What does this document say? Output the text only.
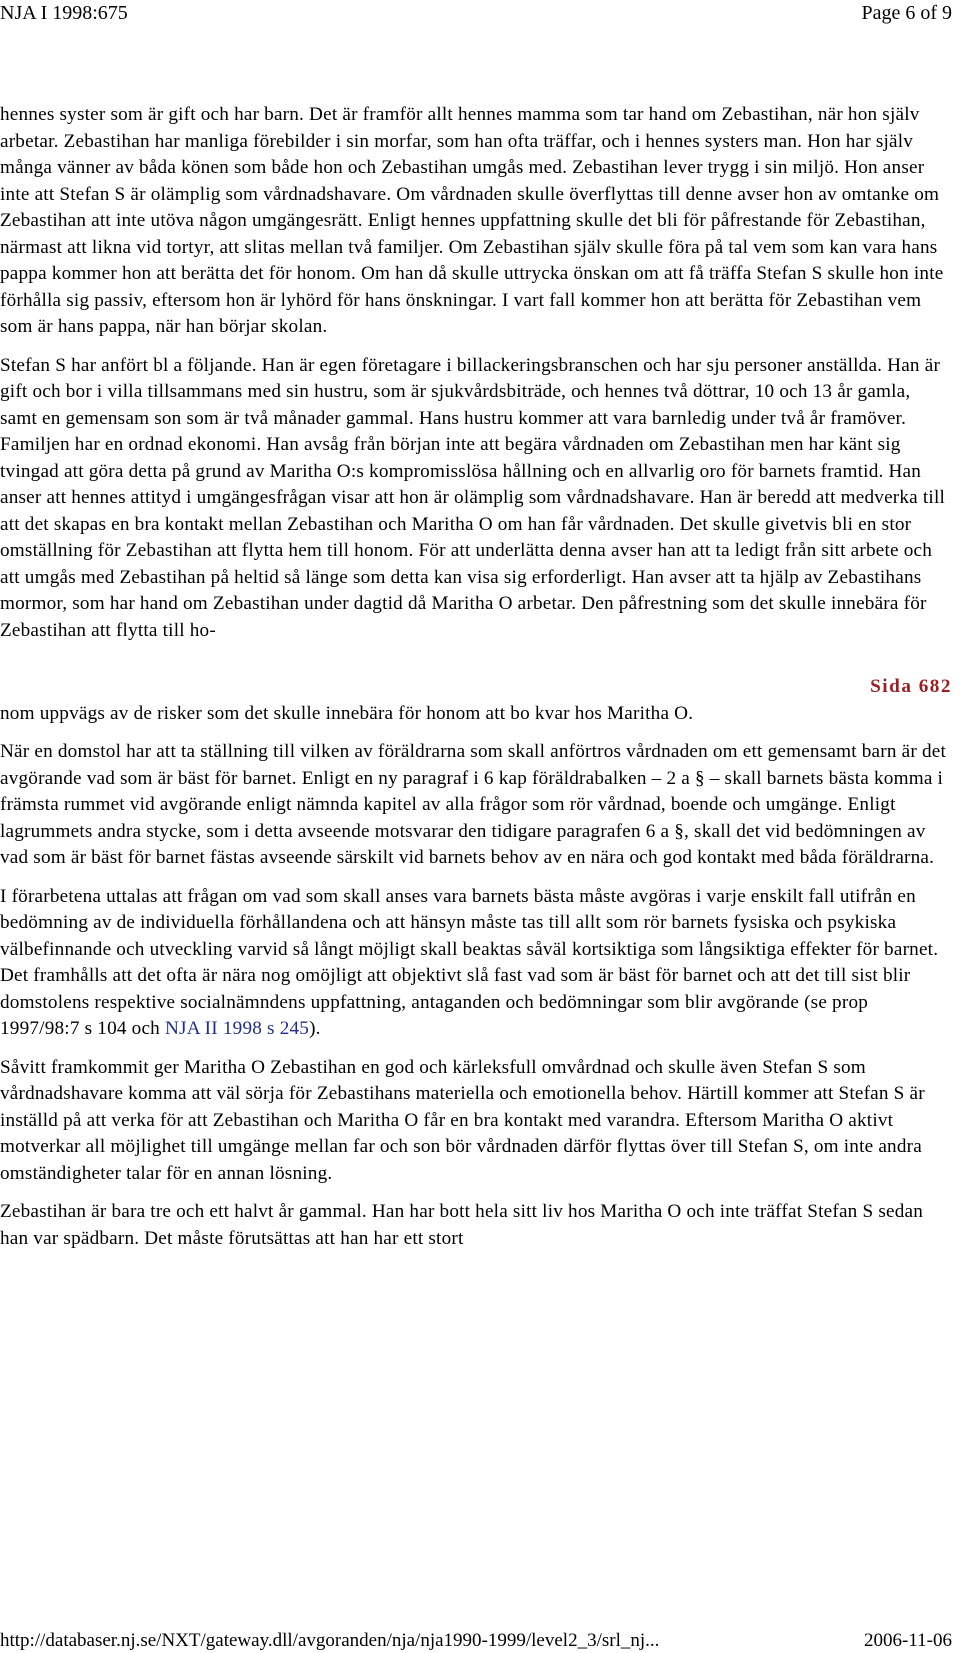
NJA I 1998:675	Page 6 of 9

hennes syster som är gift och har barn. Det är framför allt hennes mamma som tar hand om Zebastihan, när hon själv arbetar. Zebastihan har manliga förebilder i sin morfar, som han ofta träffar, och i hennes systers man. Hon har själv många vänner av båda könen som både hon och Zebastihan umgås med. Zebastihan lever trygg i sin miljö. Hon anser inte att Stefan S är olämplig som vårdnadshavare. Om vårdnaden skulle överflyttas till denne avser hon av omtanke om Zebastihan att inte utöva någon umgängesrätt. Enligt hennes uppfattning skulle det bli för påfrestande för Zebastihan, närmast att likna vid tortyr, att slitas mellan två familjer. Om Zebastihan själv skulle föra på tal vem som kan vara hans pappa kommer hon att berätta det för honom. Om han då skulle uttrycka önskan om att få träffa Stefan S skulle hon inte förhålla sig passiv, eftersom hon är lyhörd för hans önskningar. I vart fall kommer hon att berätta för Zebastihan vem som är hans pappa, när han börjar skolan.

Stefan S har anfört bl a följande. Han är egen företagare i billackeringsbranschen och har sju personer anställda. Han är gift och bor i villa tillsammans med sin hustru, som är sjukvårdsbiträde, och hennes två döttrar, 10 och 13 år gamla, samt en gemensam son som är två månader gammal. Hans hustru kommer att vara barnledig under två år framöver. Familjen har en ordnad ekonomi. Han avsåg från början inte att begära vårdnaden om Zebastihan men har känt sig tvingad att göra detta på grund av Maritha O:s kompromisslösa hållning och en allvarlig oro för barnets framtid. Han anser att hennes attityd i umgängesfrågan visar att hon är olämplig som vårdnadshavare. Han är beredd att medverka till att det skapas en bra kontakt mellan Zebastihan och Maritha O om han får vårdnaden. Det skulle givetvis bli en stor omställning för Zebastihan att flytta hem till honom. För att underlätta denna avser han att ta ledigt från sitt arbete och att umgås med Zebastihan på heltid så länge som detta kan visa sig erforderligt. Han avser att ta hjälp av Zebastihans mormor, som har hand om Zebastihan under dagtid då Maritha O arbetar. Den påfrestning som det skulle innebära för Zebastihan att flytta till ho-

Sida 682

nom uppvägs av de risker som det skulle innebära för honom att bo kvar hos Maritha O.

När en domstol har att ta ställning till vilken av föräldrarna som skall anförtros vårdnaden om ett gemensamt barn är det avgörande vad som är bäst för barnet. Enligt en ny paragraf i 6 kap föräldrabalken – 2 a § – skall barnets bästa komma i främsta rummet vid avgörande enligt nämnda kapitel av alla frågor som rör vårdnad, boende och umgänge. Enligt lagrummets andra stycke, som i detta avseende motsvarar den tidigare paragrafen 6 a §, skall det vid bedömningen av vad som är bäst för barnet fästas avseende särskilt vid barnets behov av en nära och god kontakt med båda föräldrarna.

I förarbetena uttalas att frågan om vad som skall anses vara barnets bästa måste avgöras i varje enskilt fall utifrån en bedömning av de individuella förhållandena och att hänsyn måste tas till allt som rör barnets fysiska och psykiska välbefinnande och utveckling varvid så långt möjligt skall beaktas såväl kortsiktiga som långsiktiga effekter för barnet. Det framhålls att det ofta är nära nog omöjligt att objektivt slå fast vad som är bäst för barnet och att det till sist blir domstolens respektive socialnämndens uppfattning, antaganden och bedömningar som blir avgörande (se prop 1997/98:7 s 104 och NJA II 1998 s 245).

Såvitt framkommit ger Maritha O Zebastihan en god och kärleksfull omvårdnad och skulle även Stefan S som vårdnadshavare komma att väl sörja för Zebastihans materiella och emotionella behov. Härtill kommer att Stefan S är inställd på att verka för att Zebastihan och Maritha O får en bra kontakt med varandra. Eftersom Maritha O aktivt motverkar all möjlighet till umgänge mellan far och son bör vårdnaden därför flyttas över till Stefan S, om inte andra omständigheter talar för en annan lösning.

Zebastihan är bara tre och ett halvt år gammal. Han har bott hela sitt liv hos Maritha O och inte träffat Stefan S sedan han var spädbarn. Det måste förutsättas att han har ett stort

http://databaser.nj.se/NXT/gateway.dll/avgoranden/nja/nja1990-1999/level2_3/srl_nj...	2006-11-06
